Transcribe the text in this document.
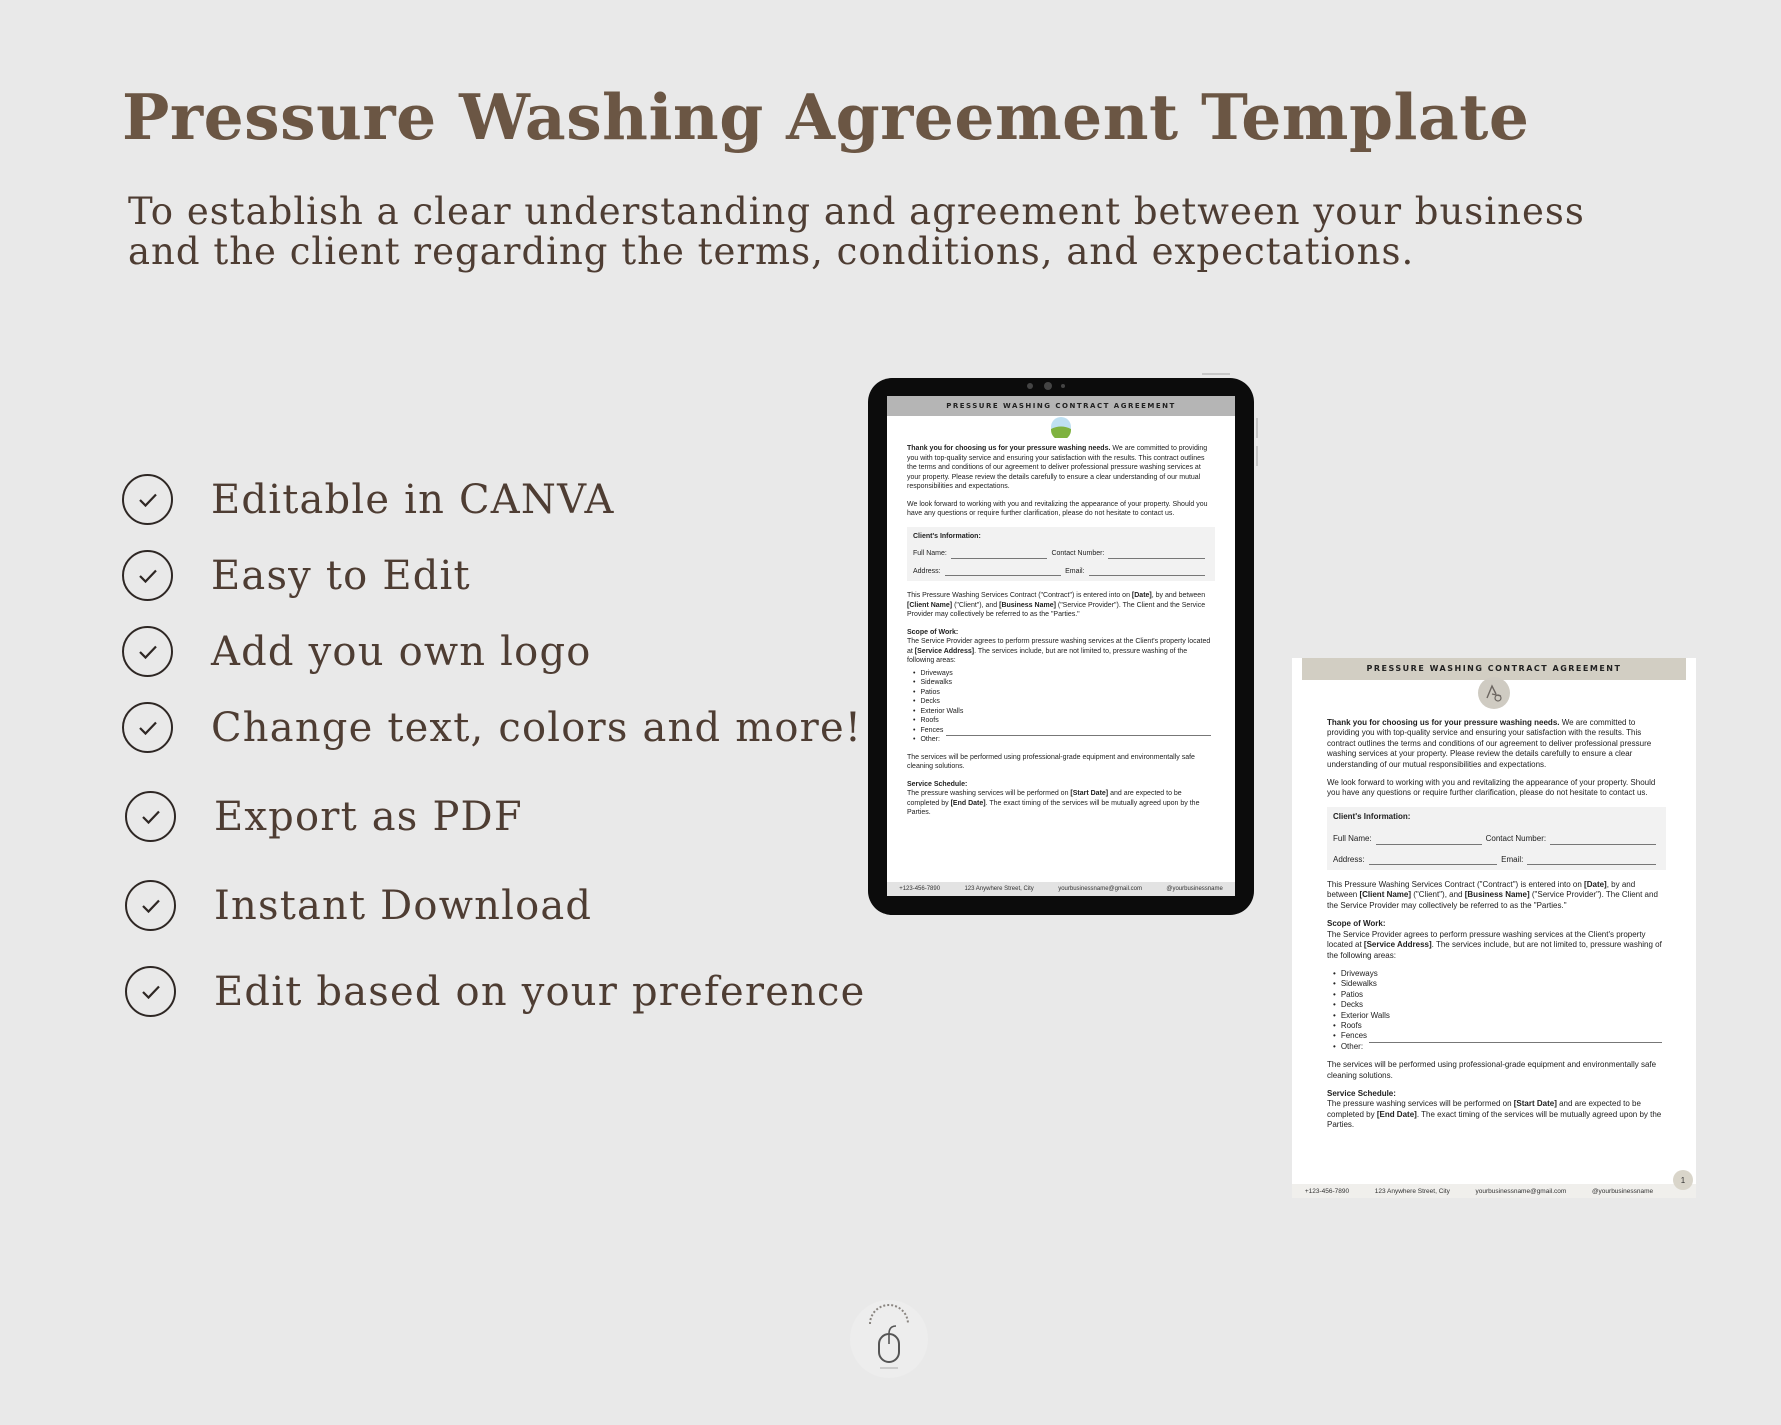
Pressure Washing Agreement Template
To establish a clear understanding and agreement between your business
and the client regarding the terms, conditions, and expectations.
Editable in CANVA
Easy to Edit
Add you own logo
Change text, colors and more!
Export as PDF
Instant Download
Edit based on your preference
PRESSURE WASHING CONTRACT AGREEMENT

Thank you for choosing us for your pressure washing needs. We are committed to providing you with top-quality service and ensuring your satisfaction with the results. This contract outlines the terms and conditions of our agreement to deliver professional pressure washing services at your property. Please review the details carefully to ensure a clear understanding of our mutual responsibilities and expectations.

We look forward to working with you and revitalizing the appearance of your property. Should you have any questions or require further clarification, please do not hesitate to contact us.

Client's Information:
Full Name:	Contact Number:
Address:	Email:

This Pressure Washing Services Contract ("Contract") is entered into on [Date], by and between [Client Name] ("Client"), and [Business Name] ("Service Provider"). The Client and the Service Provider may collectively be referred to as the "Parties."

Scope of Work:
The Service Provider agrees to perform pressure washing services at the Client's property located at [Service Address]. The services include, but are not limited to, pressure washing of the following areas:
• Driveways
• Sidewalks
• Patios
• Decks
• Exterior Walls
• Roofs
• Fences
• Other:

The services will be performed using professional-grade equipment and environmentally safe cleaning solutions.

Service Schedule:
The pressure washing services will be performed on [Start Date] and are expected to be completed by [End Date]. The exact timing of the services will be mutually agreed upon by the Parties.
+123-456-7890	123 Anywhere Street, City	yourbusinessname@gmail.com	@yourbusinessname
PRESSURE WASHING CONTRACT AGREEMENT

Thank you for choosing us for your pressure washing needs. We are committed to providing you with top-quality service and ensuring your satisfaction with the results. This contract outlines the terms and conditions of our agreement to deliver professional pressure washing services at your property. Please review the details carefully to ensure a clear understanding of our mutual responsibilities and expectations.

We look forward to working with you and revitalizing the appearance of your property. Should you have any questions or require further clarification, please do not hesitate to contact us.

Client's Information:
Full Name:	Contact Number:
Address:	Email:

This Pressure Washing Services Contract ("Contract") is entered into on [Date], by and between [Client Name] ("Client"), and [Business Name] ("Service Provider"). The Client and the Service Provider may collectively be referred to as the "Parties."

Scope of Work:
The Service Provider agrees to perform pressure washing services at the Client's property located at [Service Address]. The services include, but are not limited to, pressure washing of the following areas:
• Driveways
• Sidewalks
• Patios
• Decks
• Exterior Walls
• Roofs
• Fences
• Other:

The services will be performed using professional-grade equipment and environmentally safe cleaning solutions.

Service Schedule:
The pressure washing services will be performed on [Start Date] and are expected to be completed by [End Date]. The exact timing of the services will be mutually agreed upon by the Parties.
+123-456-7890	123 Anywhere Street, City	yourbusinessname@gmail.com	@yourbusinessname
1
